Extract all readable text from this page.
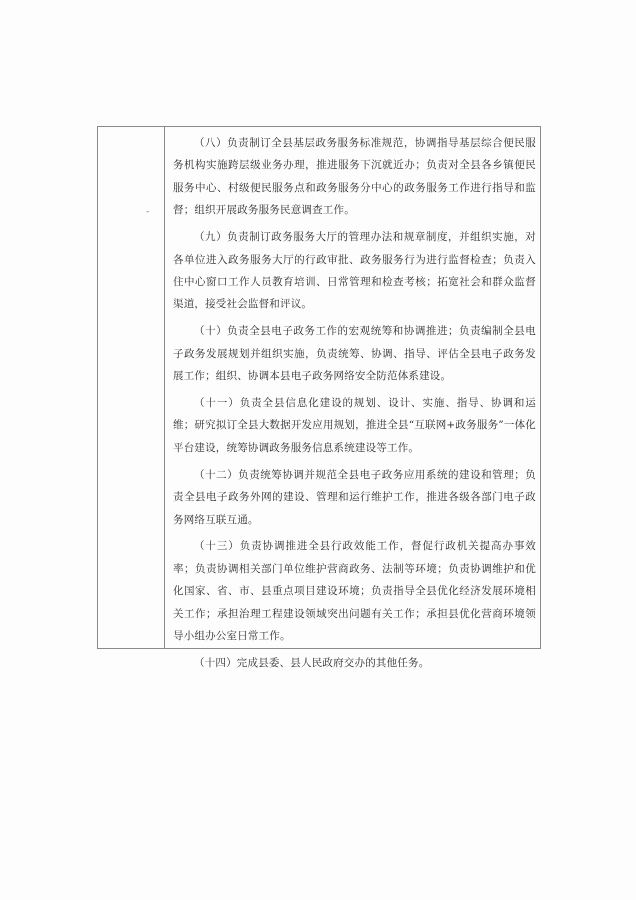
-

（八）负责制订全县基层政务服务标准规范，协调指导基层综合便民服务机构实施跨层级业务办理，推进服务下沉就近办；负责对全县各乡镇便民服务中心、村级便民服务点和政务服务分中心的政务服务工作进行指导和监督；组织开展政务服务民意调查工作。

（九）负责制订政务服务大厅的管理办法和规章制度，并组织实施，对各单位进入政务服务大厅的行政审批、政务服务行为进行监督检查；负责入住中心窗口工作人员教育培训、日常管理和检查考核；拓宽社会和群众监督渠道，接受社会监督和评议。

（十）负责全县电子政务工作的宏观统筹和协调推进；负责编制全县电子政务发展规划并组织实施，负责统筹、协调、指导、评估全县电子政务发展工作；组织、协调本县电子政务网络安全防范体系建设。

（十一）负责全县信息化建设的规划、设计、实施、指导、协调和运维；研究拟订全县大数据开发应用规划，推进全县“互联网+政务服务”一体化平台建设，统筹协调政务服务信息系统建设等工作。

（十二）负责统筹协调并规范全县电子政务应用系统的建设和管理；负责全县电子政务外网的建设、管理和运行维护工作，推进各级各部门电子政务网络互联互通。

（十三）负责协调推进全县行政效能工作，督促行政机关提高办事效率；负责协调相关部门单位维护营商政务、法制等环境；负责协调维护和优化国家、省、市、县重点项目建设环境；负责指导全县优化经济发展环境相关工作；承担治理工程建设领域突出问题有关工作；承担县优化营商环境领导小组办公室日常工作。

（十四）完成县委、县人民政府交办的其他任务。
